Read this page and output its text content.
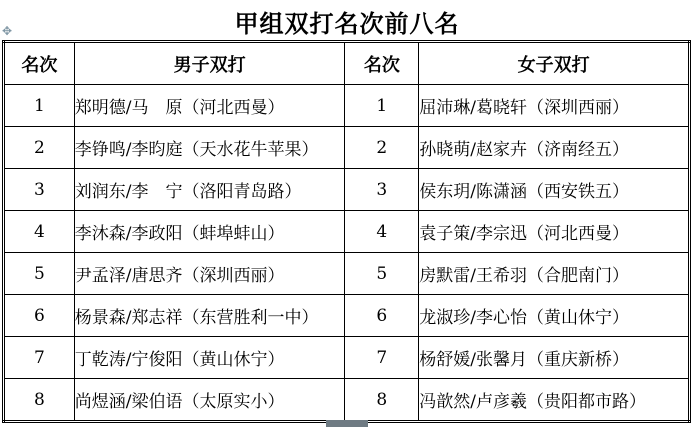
甲组双打名次前八名
✥
名次	男子双打	名次	女子双打
1	郑明德/马　原（河北西曼）	1	屈沛琳/葛晓轩（深圳西丽）
2	李铮鸣/李昀庭（天水花牛苹果）	2	孙晓萌/赵家卉（济南经五）
3	刘润东/李　宁（洛阳青岛路）	3	侯东玥/陈潇涵（西安铁五）
4	李沐森/李政阳（蚌埠蚌山）	4	袁子策/李宗迅（河北西曼）
5	尹孟泽/唐思齐（深圳西丽）	5	房默雷/王希羽（合肥南门）
6	杨景森/郑志祥（东营胜利一中）	6	龙淑珍/李心怡（黄山休宁）
7	丁乾涛/宁俊阳（黄山休宁）	7	杨舒媛/张馨月（重庆新桥）
8	尚煜涵/梁伯语（太原实小）	8	冯歆然/卢彦羲（贵阳都市路）
